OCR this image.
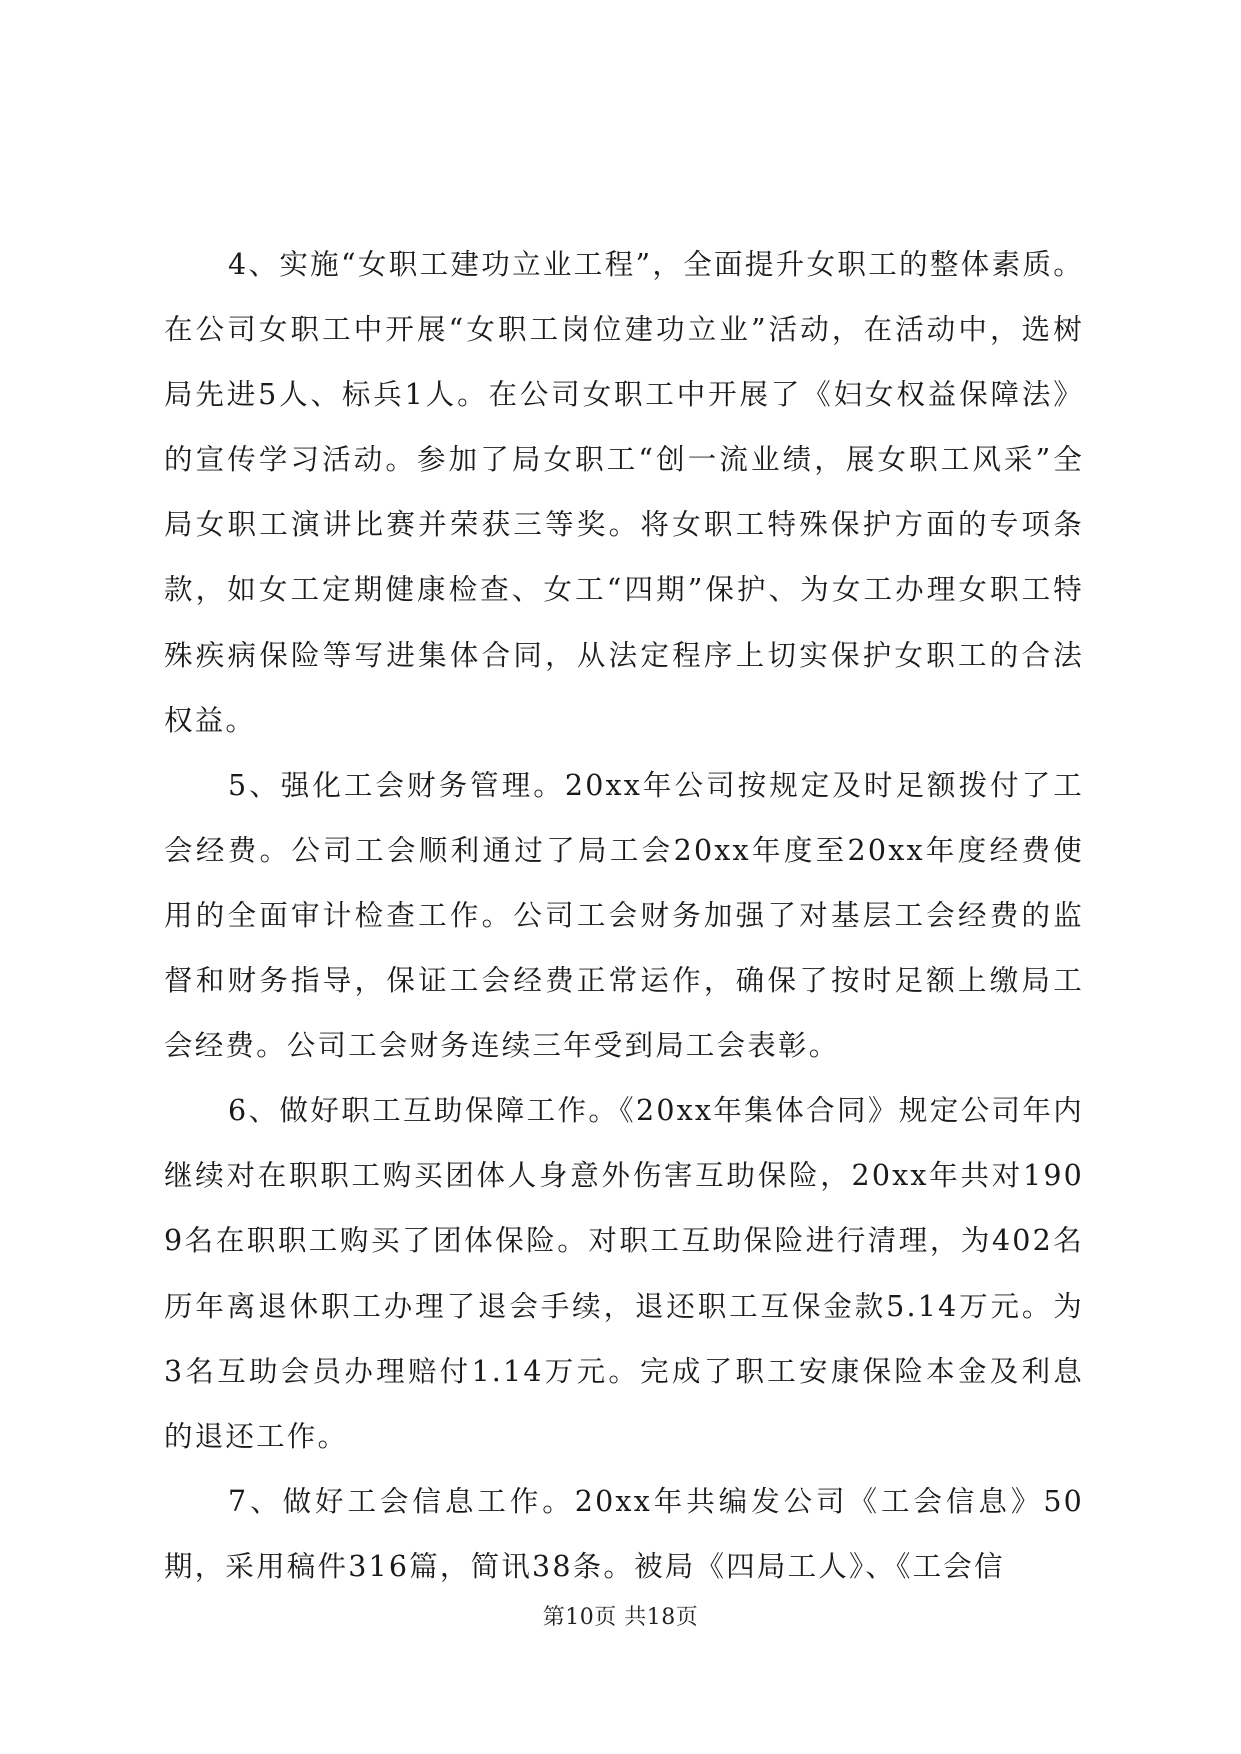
4、实施“女职工建功立业工程”，全面提升女职工的整体素质。在公司女职工中开展“女职工岗位建功立业”活动，在活动中，选树局先进5人、标兵1人。在公司女职工中开展了《妇女权益保障法》的宣传学习活动。参加了局女职工“创一流业绩，展女职工风采”全局女职工演讲比赛并荣获三等奖。将女职工特殊保护方面的专项条款，如女工定期健康检查、女工“四期”保护、为女工办理女职工特殊疾病保险等写进集体合同，从法定程序上切实保护女职工的合法权益。

5、强化工会财务管理。20xx年公司按规定及时足额拨付了工会经费。公司工会顺利通过了局工会20xx年度至20xx年度经费使用的全面审计检查工作。公司工会财务加强了对基层工会经费的监督和财务指导，保证工会经费正常运作，确保了按时足额上缴局工会经费。公司工会财务连续三年受到局工会表彰。

6、做好职工互助保障工作。《20xx年集体合同》规定公司年内继续对在职职工购买团体人身意外伤害互助保险，20xx年共对1909名在职职工购买了团体保险。对职工互助保险进行清理，为402名历年离退休职工办理了退会手续，退还职工互保金款5.14万元。为3名互助会员办理赔付1.14万元。完成了职工安康保险本金及利息的退还工作。

7、做好工会信息工作。20xx年共编发公司《工会信息》50期，采用稿件316篇，简讯38条。被局《四局工人》、《工会信

第10页 共18页
